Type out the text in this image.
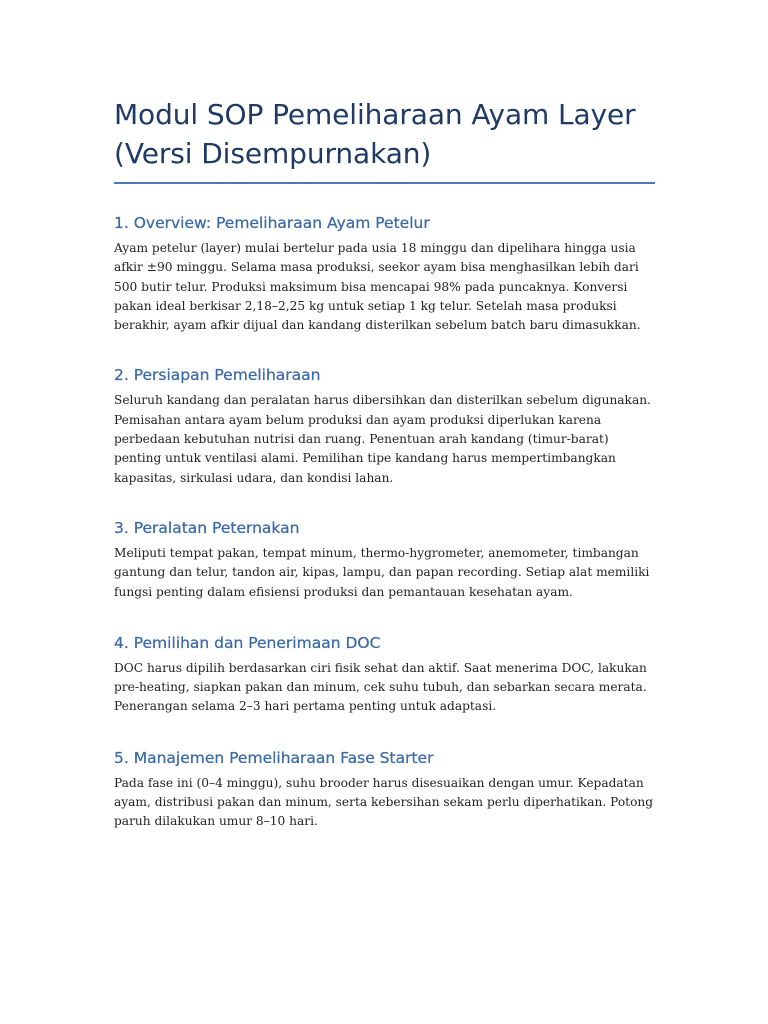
Modul SOP Pemeliharaan Ayam Layer (Versi Disempurnakan)
1. Overview: Pemeliharaan Ayam Petelur

Ayam petelur (layer) mulai bertelur pada usia 18 minggu dan dipelihara hingga usia afkir ±90 minggu. Selama masa produksi, seekor ayam bisa menghasilkan lebih dari 500 butir telur. Produksi maksimum bisa mencapai 98% pada puncaknya. Konversi pakan ideal berkisar 2,18–2,25 kg untuk setiap 1 kg telur. Setelah masa produksi berakhir, ayam afkir dijual dan kandang disterilkan sebelum batch baru dimasukkan.

2. Persiapan Pemeliharaan

Seluruh kandang dan peralatan harus dibersihkan dan disterilkan sebelum digunakan. Pemisahan antara ayam belum produksi dan ayam produksi diperlukan karena perbedaan kebutuhan nutrisi dan ruang. Penentuan arah kandang (timur-barat) penting untuk ventilasi alami. Pemilihan tipe kandang harus mempertimbangkan kapasitas, sirkulasi udara, dan kondisi lahan.

3. Peralatan Peternakan

Meliputi tempat pakan, tempat minum, thermo-hygrometer, anemometer, timbangan gantung dan telur, tandon air, kipas, lampu, dan papan recording. Setiap alat memiliki fungsi penting dalam efisiensi produksi dan pemantauan kesehatan ayam.

4. Pemilihan dan Penerimaan DOC

DOC harus dipilih berdasarkan ciri fisik sehat dan aktif. Saat menerima DOC, lakukan pre-heating, siapkan pakan dan minum, cek suhu tubuh, dan sebarkan secara merata. Penerangan selama 2–3 hari pertama penting untuk adaptasi.

5. Manajemen Pemeliharaan Fase Starter

Pada fase ini (0–4 minggu), suhu brooder harus disesuaikan dengan umur. Kepadatan ayam, distribusi pakan dan minum, serta kebersihan sekam perlu diperhatikan. Potong paruh dilakukan umur 8–10 hari.
